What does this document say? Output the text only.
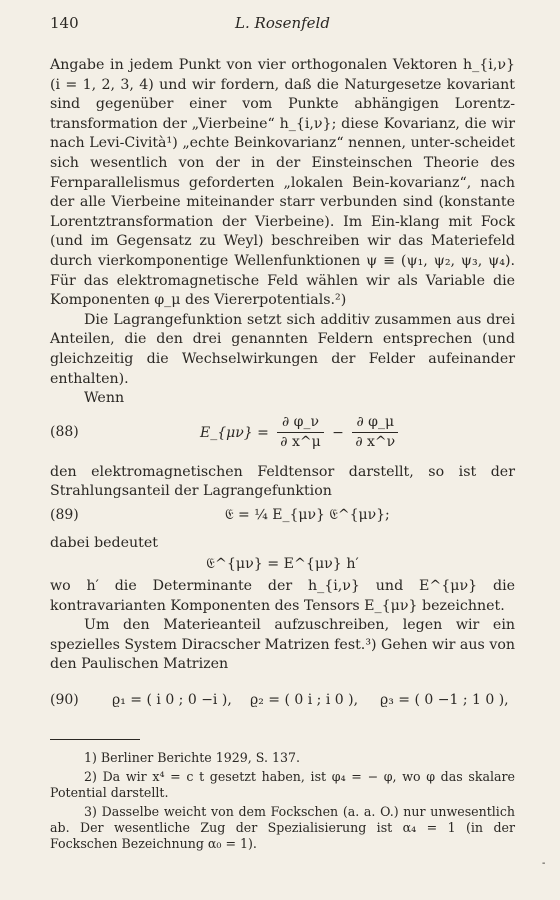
140	L. Rosenfeld

Angabe in jedem Punkt von vier orthogonalen Vektoren h_{i,ν} (i = 1, 2, 3, 4) und wir fordern, daß die Naturgesetze kovariant sind gegenüber einer vom Punkte abhängigen Lorentz-transformation der „Vierbeine“ h_{i,ν}; diese Kovarianz, die wir nach Levi-Cività¹) „echte Beinkovarianz“ nennen, unter-scheidet sich wesentlich von der in der Einsteinschen Theorie des Fernparallelismus geforderten „lokalen Bein-kovarianz“, nach der alle Vierbeine miteinander starr verbunden sind (konstante Lorentztransformation der Vierbeine). Im Ein-klang mit Fock (und im Gegensatz zu Weyl) beschreiben wir das Materiefeld durch vierkomponentige Wellenfunktionen ψ ≡ (ψ₁, ψ₂, ψ₃, ψ₄). Für das elektromagnetische Feld wählen wir als Variable die Komponenten φ_μ des Viererpotentials.²)

Die Lagrangefunktion setzt sich additiv zusammen aus drei Anteilen, die den drei genannten Feldern entsprechen (und gleichzeitig die Wechselwirkungen der Felder aufeinander enthalten).

Wenn

(88)	E_{μν} = $\frac{\partial \varphi\_\nu}{\partial x\^{}\mu} - \frac{\partial \varphi\_\mu}{\partial x\^{}\nu}$

den elektromagnetischen Feldtensor darstellt, so ist der Strahlungsanteil der Lagrangefunktion

(89)	𝔈 = ¼ E_{μν} 𝔈^{μν};

dabei bedeutet

𝔈^{μν} = E^{μν} h′

wo h′ die Determinante der h_{i,ν} und E^{μν} die kontravarianten Komponenten des Tensors E_{μν} bezeichnet.

Um den Materieanteil aufzuschreiben, legen wir ein spezielles System Diracscher Matrizen fest.³) Gehen wir aus von den Paulischen Matrizen

(90) ϱ₁ = ( i 0 ; 0 −i ), ϱ₂ = ( 0 i ; i 0 ), ϱ₃ = ( 0 −1 ; 1 0 ),

1) Berliner Berichte 1929, S. 137.

2) Da wir x⁴ = c t gesetzt haben, ist φ₄ = − φ, wo φ das skalare Potential darstellt.

3) Dasselbe weicht von dem Fockschen (a. a. O.) nur unwesentlich ab. Der wesentliche Zug der Spezialisierung ist α₄ = 1 (in der Fockschen Bezeichnung α₀ = 1).

-
